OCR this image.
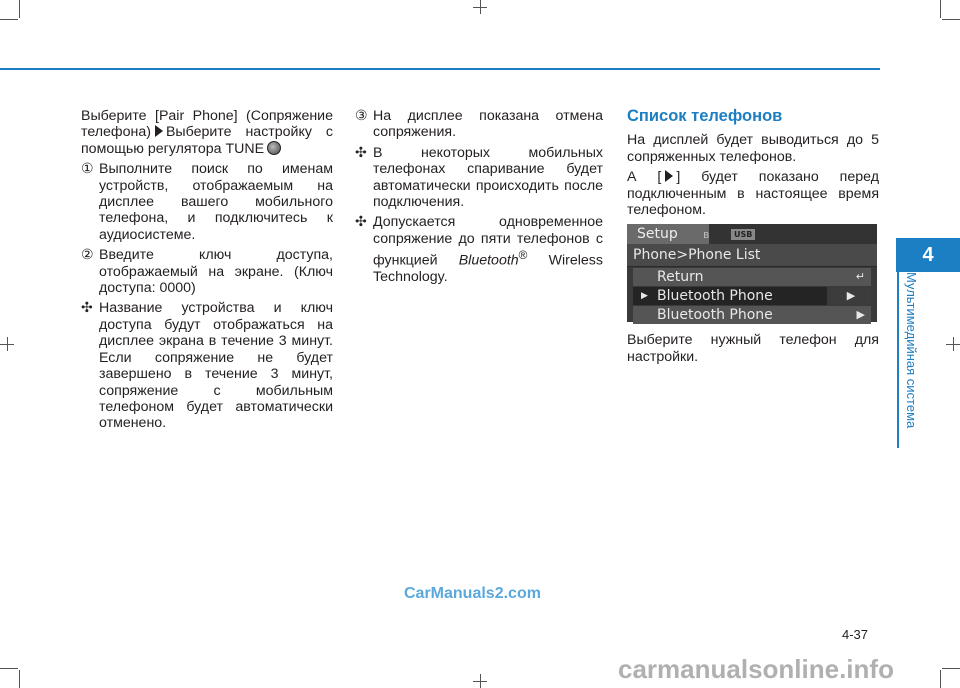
Выберите [Pair Phone] (Сопряжение телефона) Выберите настройку с помощью регулятора TUNE

① Выполните поиск по именам устройств, отображаемым на дисплее вашего мобильного телефона, и подключитесь к аудиосистеме.
② Введите ключ доступа, отображаемый на экране. (Ключ доступа: 0000)
✣ Название устройства и ключ доступа будут отображаться на дисплее экрана в течение 3 минут. Если сопряжение не будет завершено в течение 3 минут, сопряжение с мобильным телефоном будет автоматически отменено.
③ На дисплее показана отмена сопряжения.
✣ В некоторых мобильных телефонах спаривание будет автоматически происходить после подключения.
✣ Допускается одновременное сопряжение до пяти телефонов с функцией Bluetooth® Wireless Technology.
Список телефонов

На дисплей будет выводиться до 5 сопряженных телефонов.

А [ ] будет показано перед подключенным в настоящее время телефоном.

Setup	ʙ	USB
Phone>Phone List
Return	↵
▶ Bluetooth Phone	▶
Bluetooth Phone	▶

Выберите нужный телефон для настройки.

4
Мультимедийная система
4-37
CarManuals2.com
carmanualsonline.info
